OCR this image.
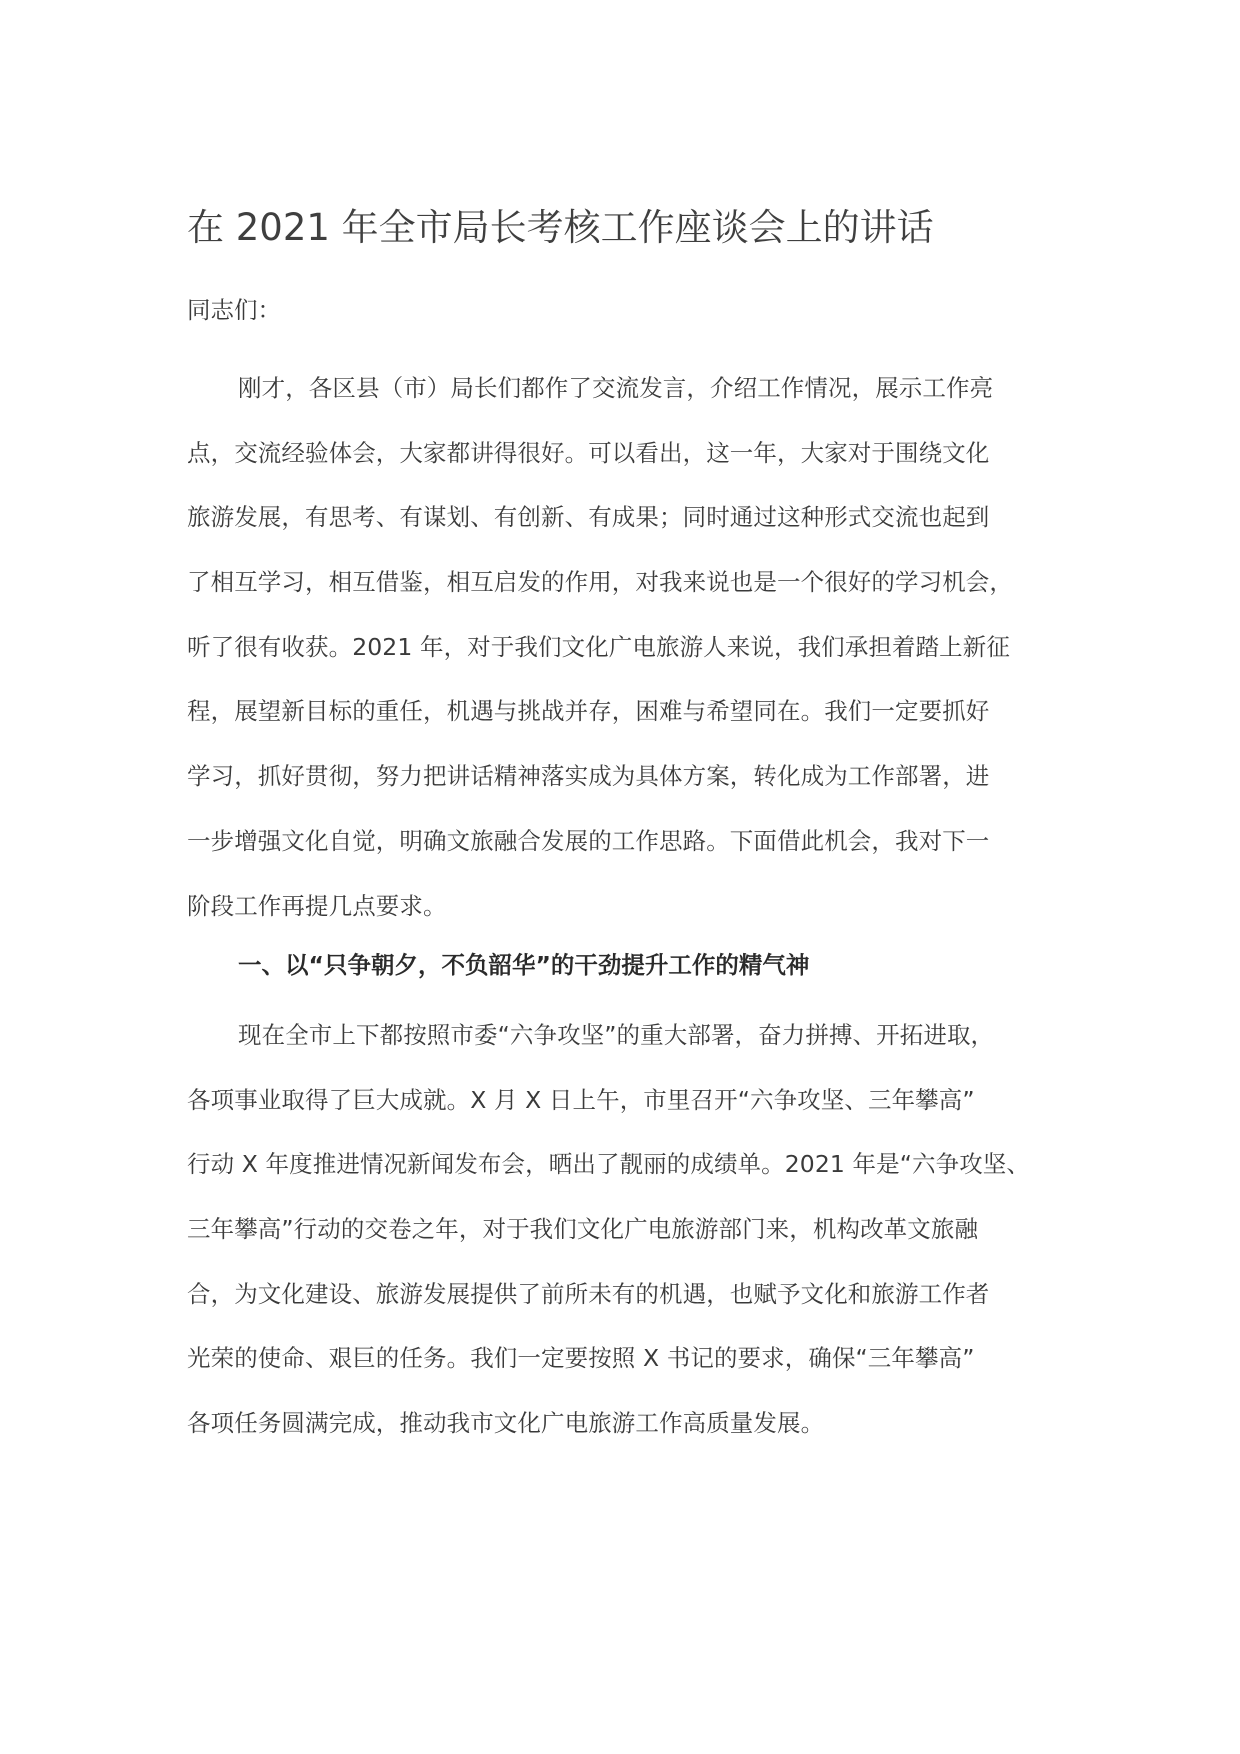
在 2021 年全市局长考核工作座谈会上的讲话
同志们：
刚才，各区县（市）局长们都作了交流发言，介绍工作情况，展示工作亮
点，交流经验体会，大家都讲得很好。可以看出，这一年，大家对于围绕文化
旅游发展，有思考、有谋划、有创新、有成果；同时通过这种形式交流也起到
了相互学习，相互借鉴，相互启发的作用，对我来说也是一个很好的学习机会，
听了很有收获。2021 年，对于我们文化广电旅游人来说，我们承担着踏上新征
程，展望新目标的重任，机遇与挑战并存，困难与希望同在。我们一定要抓好
学习，抓好贯彻，努力把讲话精神落实成为具体方案，转化成为工作部署，进
一步增强文化自觉，明确文旅融合发展的工作思路。下面借此机会，我对下一
阶段工作再提几点要求。
一、以“只争朝夕，不负韶华”的干劲提升工作的精气神
现在全市上下都按照市委“六争攻坚”的重大部署，奋力拼搏、开拓进取，
各项事业取得了巨大成就。X 月 X 日上午，市里召开“六争攻坚、三年攀高”
行动 X 年度推进情况新闻发布会，晒出了靓丽的成绩单。2021 年是“六争攻坚、
三年攀高”行动的交卷之年，对于我们文化广电旅游部门来，机构改革文旅融
合，为文化建设、旅游发展提供了前所未有的机遇，也赋予文化和旅游工作者
光荣的使命、艰巨的任务。我们一定要按照 X 书记的要求，确保“三年攀高”
各项任务圆满完成，推动我市文化广电旅游工作高质量发展。
